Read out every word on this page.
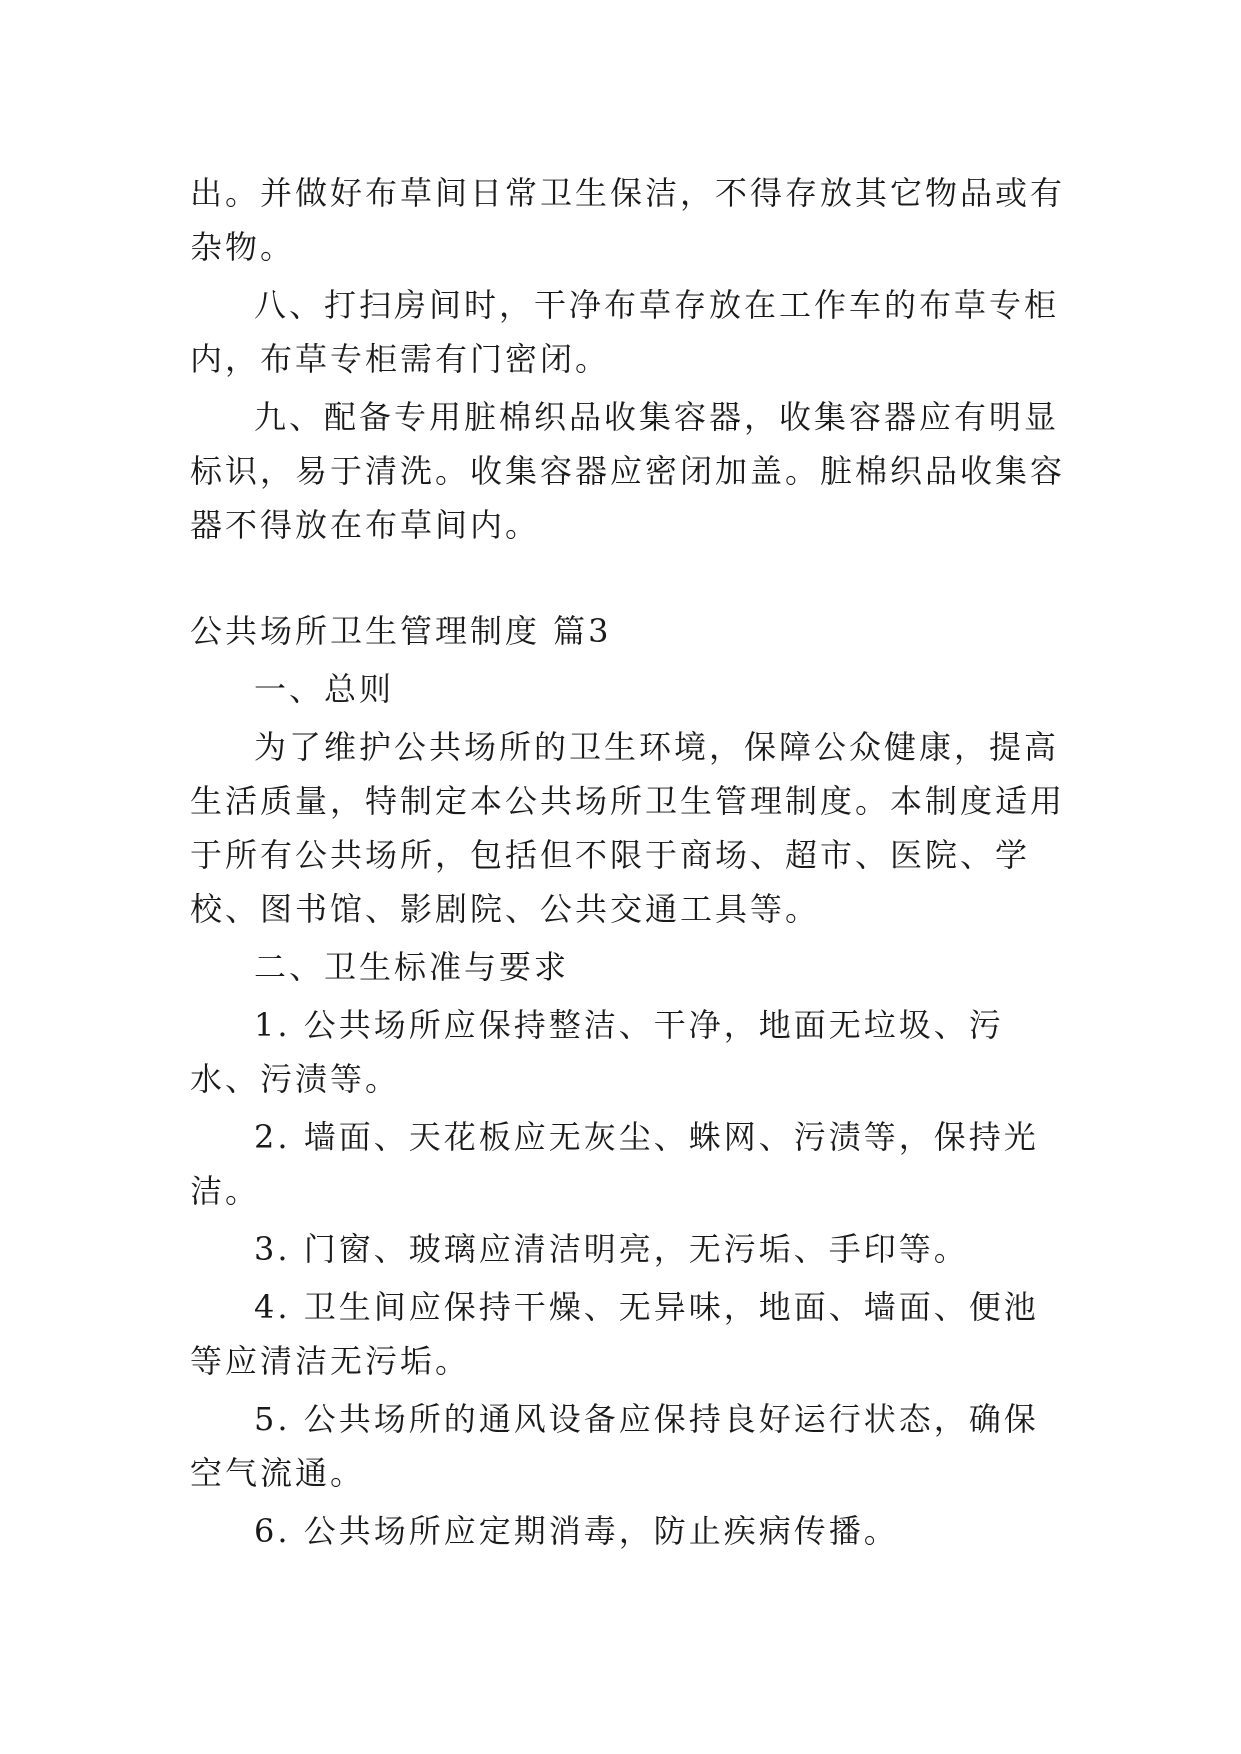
出。并做好布草间日常卫生保洁，不得存放其它物品或有杂物。

八、打扫房间时，干净布草存放在工作车的布草专柜内，布草专柜需有门密闭。

九、配备专用脏棉织品收集容器，收集容器应有明显标识，易于清洗。收集容器应密闭加盖。脏棉织品收集容器不得放在布草间内。

公共场所卫生管理制度 篇3

一、总则

为了维护公共场所的卫生环境，保障公众健康，提高生活质量，特制定本公共场所卫生管理制度。本制度适用于所有公共场所，包括但不限于商场、超市、医院、学校、图书馆、影剧院、公共交通工具等。

二、卫生标准与要求

1. 公共场所应保持整洁、干净，地面无垃圾、污水、污渍等。

2. 墙面、天花板应无灰尘、蛛网、污渍等，保持光洁。

3. 门窗、玻璃应清洁明亮，无污垢、手印等。

4. 卫生间应保持干燥、无异味，地面、墙面、便池等应清洁无污垢。

5. 公共场所的通风设备应保持良好运行状态，确保空气流通。

6. 公共场所应定期消毒，防止疾病传播。
